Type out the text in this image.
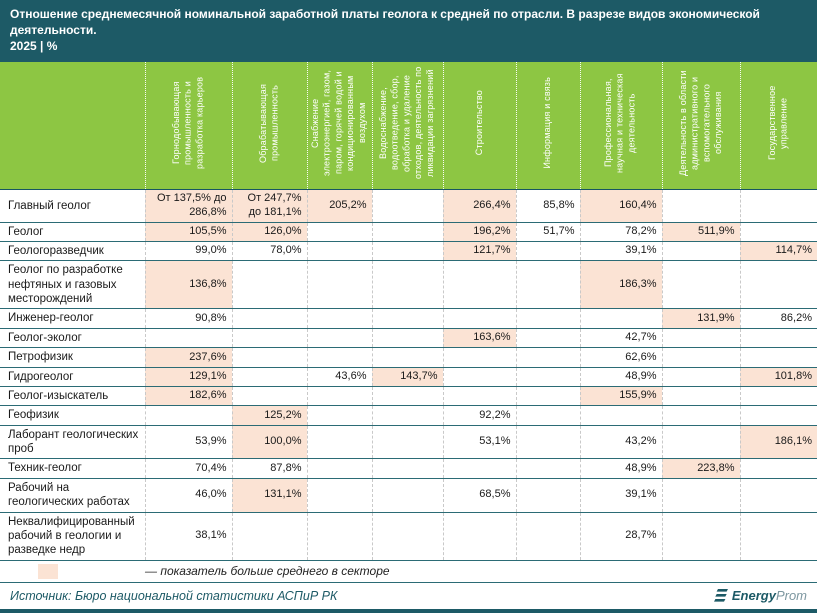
Отношение среднемесячной номинальной заработной платы геолога к средней по отрасли. В разрезе видов экономической деятельности.
2025 | %
	Горнодобывающая промышленность и разработка карьеров	Обрабатывающая промышленность	Снабжение электроэнергией, газом, паром, горячей водой и кондиционированным воздухом	Водоснабжение, водоотведение, сбор, обработка и удаление отходов, деятельность по ликвидации загрязнений	Строительство	Информация и связь	Профессиональная, научная и техническая деятельность	Деятельность в области административного и вспомогательного обслуживания	Государственное управление
Главный геолог	От 137,5% до 286,8%	От 247,7% до 181,1%	205,2%		266,4%	85,8%	160,4%		
Геолог	105,5%	126,0%			196,2%	51,7%	78,2%	511,9%	
Геологоразведчик	99,0%	78,0%			121,7%		39,1%		114,7%
Геолог по разработке нефтяных и газовых месторождений	136,8%						186,3%		
Инженер-геолог	90,8%							131,9%	86,2%
Геолог-эколог					163,6%		42,7%		
Петрофизик	237,6%						62,6%		
Гидрогеолог	129,1%		43,6%	143,7%			48,9%		101,8%
Геолог-изыскатель	182,6%						155,9%		
Геофизик		125,2%			92,2%				
Лаборант геологических проб	53,9%	100,0%			53,1%		43,2%		186,1%
Техник-геолог	70,4%	87,8%					48,9%	223,8%	
Рабочий на геологических работах	46,0%	131,1%			68,5%		39,1%		
Неквалифицированный рабочий в геологии и разведке недр	38,1%						28,7%		
— показатель больше среднего в секторе
Источник: Бюро национальной статистики АСПиР РК	EnergyProm
